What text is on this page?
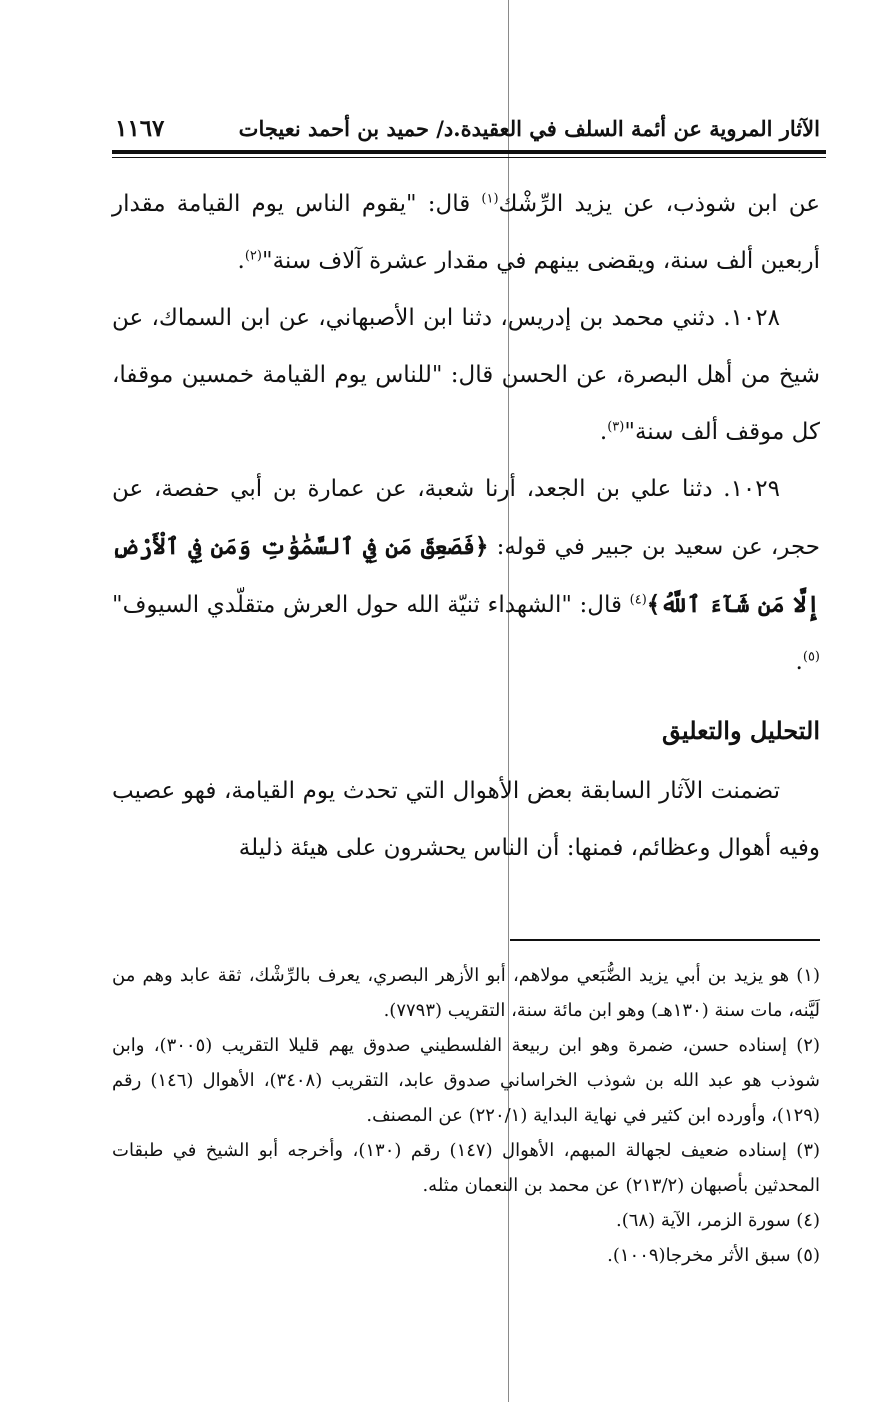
الآثار المروية عن أئمة السلف في العقيدة.د/ حميد بن أحمد نعيجات
١١٦٧

عن ابن شوذب، عن يزيد الرِّشْك$^{(١)}$ قال: "يقوم الناس يوم القيامة مقدار أربعين ألف سنة، ويقضى بينهم في مقدار عشرة آلاف سنة"$^{(٢)}$.

١٠٢٨. دثني محمد بن إدريس، دثنا ابن الأصبهاني، عن ابن السماك، عن شيخ من أهل البصرة، عن الحسن قال: "للناس يوم القيامة خمسين موقفا، كل موقف ألف سنة"$^{(٣)}$.

١٠٢٩. دثنا علي بن الجعد، أرنا شعبة، عن عمارة بن أبي حفصة، عن حجر، عن سعيد بن جبير في قوله: ﴿فَصَعِقَ مَن فِي ٱلسَّمَٰوَٰتِ وَمَن فِي ٱلْأَرْضِ إِلَّا مَن شَآءَ ٱللَّهُ﴾$^{(٤)}$ قال: "الشهداء ثنيّة الله حول العرش متقلّدي السيوف"$^{(٥)}$.

التحليل والتعليق

تضمنت الآثار السابقة بعض الأهوال التي تحدث يوم القيامة، فهو عصيب وفيه أهوال وعظائم، فمنها: أن الناس يحشرون على هيئة ذليلة

(١) هو يزيد بن أبي يزيد الضُّبَعي مولاهم، أبو الأزهر البصري، يعرف بالرِّشْك، ثقة عابد وهم من لَيَّنه، مات سنة (١٣٠هـ) وهو ابن مائة سنة، التقريب (٧٧٩٣).

(٢) إسناده حسن، ضمرة وهو ابن ربيعة الفلسطيني صدوق يهم قليلا التقريب (٣٠٠٥)، وابن شوذب هو عبد الله بن شوذب الخراساني صدوق عابد، التقريب (٣٤٠٨)، الأهوال (١٤٦) رقم (١٢٩)، وأورده ابن كثير في نهاية البداية (٢٢٠/١) عن المصنف.

(٣) إسناده ضعيف لجهالة المبهم، الأهوال (١٤٧) رقم (١٣٠)، وأخرجه أبو الشيخ في طبقات المحدثين بأصبهان (٢١٣/٢) عن محمد بن النعمان مثله.

(٤) سورة الزمر، الآية (٦٨).

(٥) سبق الأثر مخرجا(١٠٠٩).
